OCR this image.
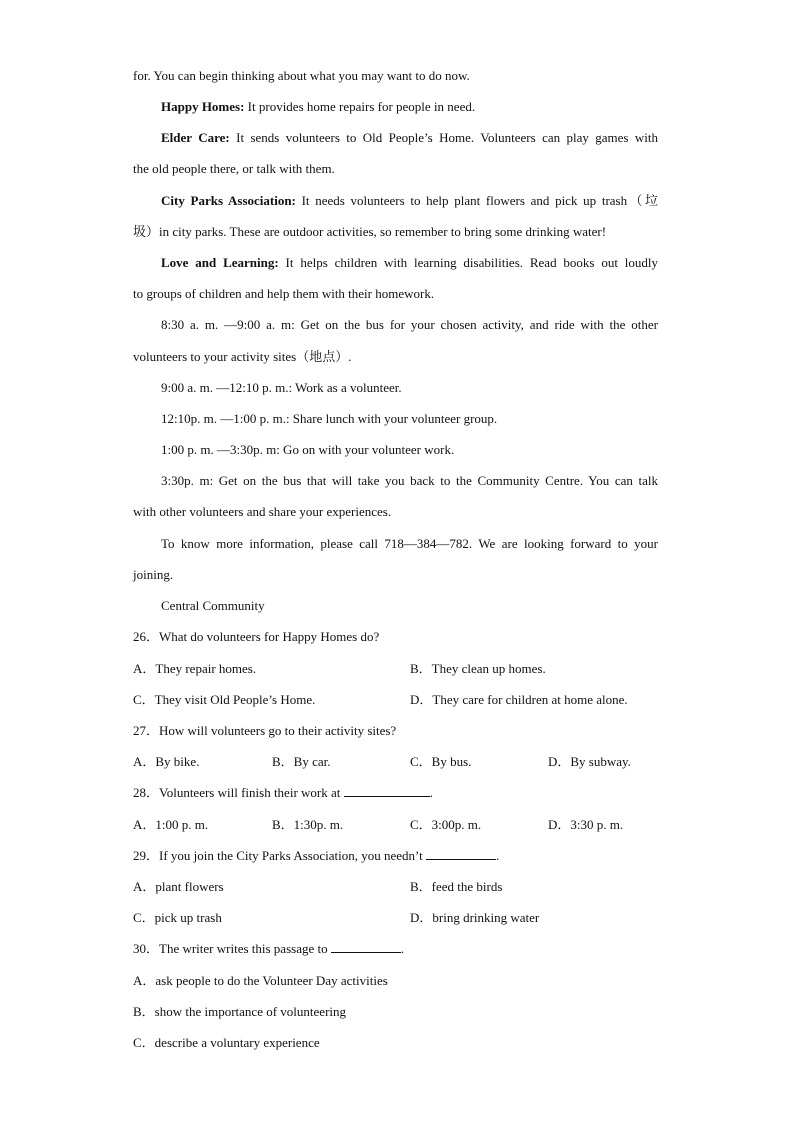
for. You can begin thinking about what you may want to do now.
Happy Homes: It provides home repairs for people in need.
Elder Care: It sends volunteers to Old People’s Home. Volunteers can play games with
the old people there, or talk with them.
City Parks Association: It needs volunteers to help plant flowers and pick up trash（垃
圾）in city parks. These are outdoor activities, so remember to bring some drinking water!
Love and Learning: It helps children with learning disabilities. Read books out loudly
to groups of children and help them with their homework.
8:30 a. m. —9:00 a. m: Get on the bus for your chosen activity, and ride with the other
volunteers to your activity sites（地点）.
9:00 a. m. —12:10 p. m.: Work as a volunteer.
12:10p. m. —1:00 p. m.: Share lunch with your volunteer group.
1:00 p. m. —3:30p. m: Go on with your volunteer work.
3:30p. m: Get on the bus that will take you back to the Community Centre. You can talk
with other volunteers and share your experiences.
To know more information, please call 718—384—782. We are looking forward to your
joining.
Central Community
26．What do volunteers for Happy Homes do?
A．They repair homes.	B．They clean up homes.
C．They visit Old People’s Home.	D．They care for children at home alone.
27．How will volunteers go to their activity sites?
A．By bike.	B．By car.	C．By bus.	D．By subway.
28．Volunteers will finish their work at	.
A．1:00 p. m.	B．1:30p. m.	C．3:00p. m.	D．3:30 p. m.
29．If you join the City Parks Association, you needn’t	.
A．plant flowers	B．feed the birds
C．pick up trash	D．bring drinking water
30．The writer writes this passage to	.
A．ask people to do the Volunteer Day activities
B．show the importance of volunteering
C．describe a voluntary experience
